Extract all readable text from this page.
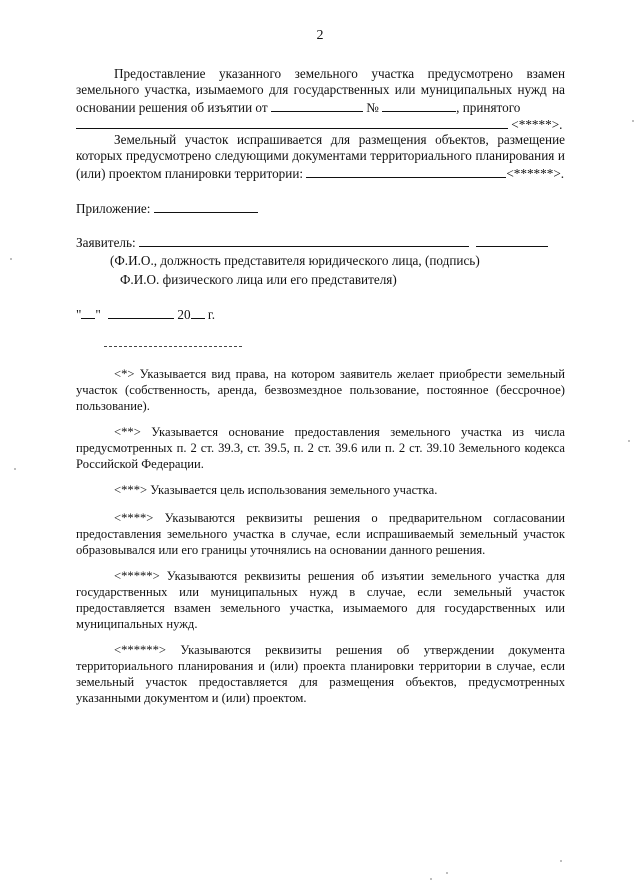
2
Предоставление указанного земельного участка предусмотрено взамен
земельного участка, изымаемого для государственных или муниципальных нужд на
основании решения об изъятии от	№	, принятого
<*****>.
Земельный участок испрашивается для размещения объектов, размещение
которых предусмотрено следующими документами территориального планирования и
(или) проектом планировки территории:	<******>.
Приложение:
Заявитель:
(Ф.И.О., должность представителя юридического лица, (подпись)
Ф.И.О. физического лица или его представителя)
" "	20 г.
<*> Указывается вид права, на котором заявитель желает приобрести земельный участок (собственность, аренда, безвозмездное пользование, постоянное (бессрочное) пользование).
<**> Указывается основание предоставления земельного участка из числа предусмотренных п. 2 ст. 39.3, ст. 39.5, п. 2 ст. 39.6 или п. 2 ст. 39.10 Земельного кодекса Российской Федерации.
<***> Указывается цель использования земельного участка.
<****> Указываются реквизиты решения о предварительном согласовании предоставления земельного участка в случае, если испрашиваемый земельный участок образовывался или его границы уточнялись на основании данного решения.
<*****> Указываются реквизиты решения об изъятии земельного участка для государственных или муниципальных нужд в случае, если земельный участок предоставляется взамен земельного участка, изымаемого для государственных или муниципальных нужд.
<******> Указываются реквизиты решения об утверждении документа территориального планирования и (или) проекта планировки территории в случае, если земельный участок предоставляется для размещения объектов, предусмотренных указанными документом и (или) проектом.
